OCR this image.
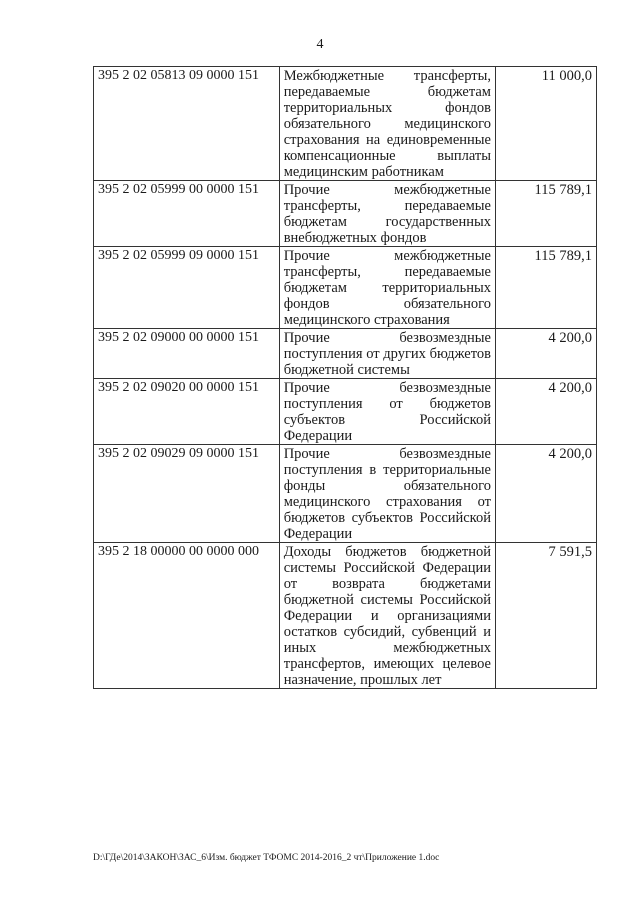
4
395 2 02 05813 09 0000 151	Межбюджетные трансферты, передаваемые бюджетам территориальных фондов обязательного медицинского страхования на единовременные компенсационные выплаты медицинским работникам	11 000,0
395 2 02 05999 00 0000 151	Прочие межбюджетные трансферты, передаваемые бюджетам государственных внебюджетных фондов	115 789,1
395 2 02 05999 09 0000 151	Прочие межбюджетные трансферты, передаваемые бюджетам территориальных фондов обязательного медицинского страхования	115 789,1
395 2 02 09000 00 0000 151	Прочие безвозмездные поступления от других бюджетов бюджетной системы	4 200,0
395 2 02 09020 00 0000 151	Прочие безвозмездные поступления от бюджетов субъектов Российской Федерации	4 200,0
395 2 02 09029 09 0000 151	Прочие безвозмездные поступления в территориальные фонды обязательного медицинского страхования от бюджетов субъектов Российской Федерации	4 200,0
395 2 18 00000 00 0000 000	Доходы бюджетов бюджетной системы Российской Федерации от возврата бюджетами бюджетной системы Российской Федерации и организациями остатков субсидий, субвенций и иных межбюджетных трансфертов, имеющих целевое назначение, прошлых лет	7 591,5
D:\ГДе\2014\ЗАКОН\ЗАС_6\Изм. бюджет ТФОМС 2014-2016_2 чт\Приложение 1.doc
